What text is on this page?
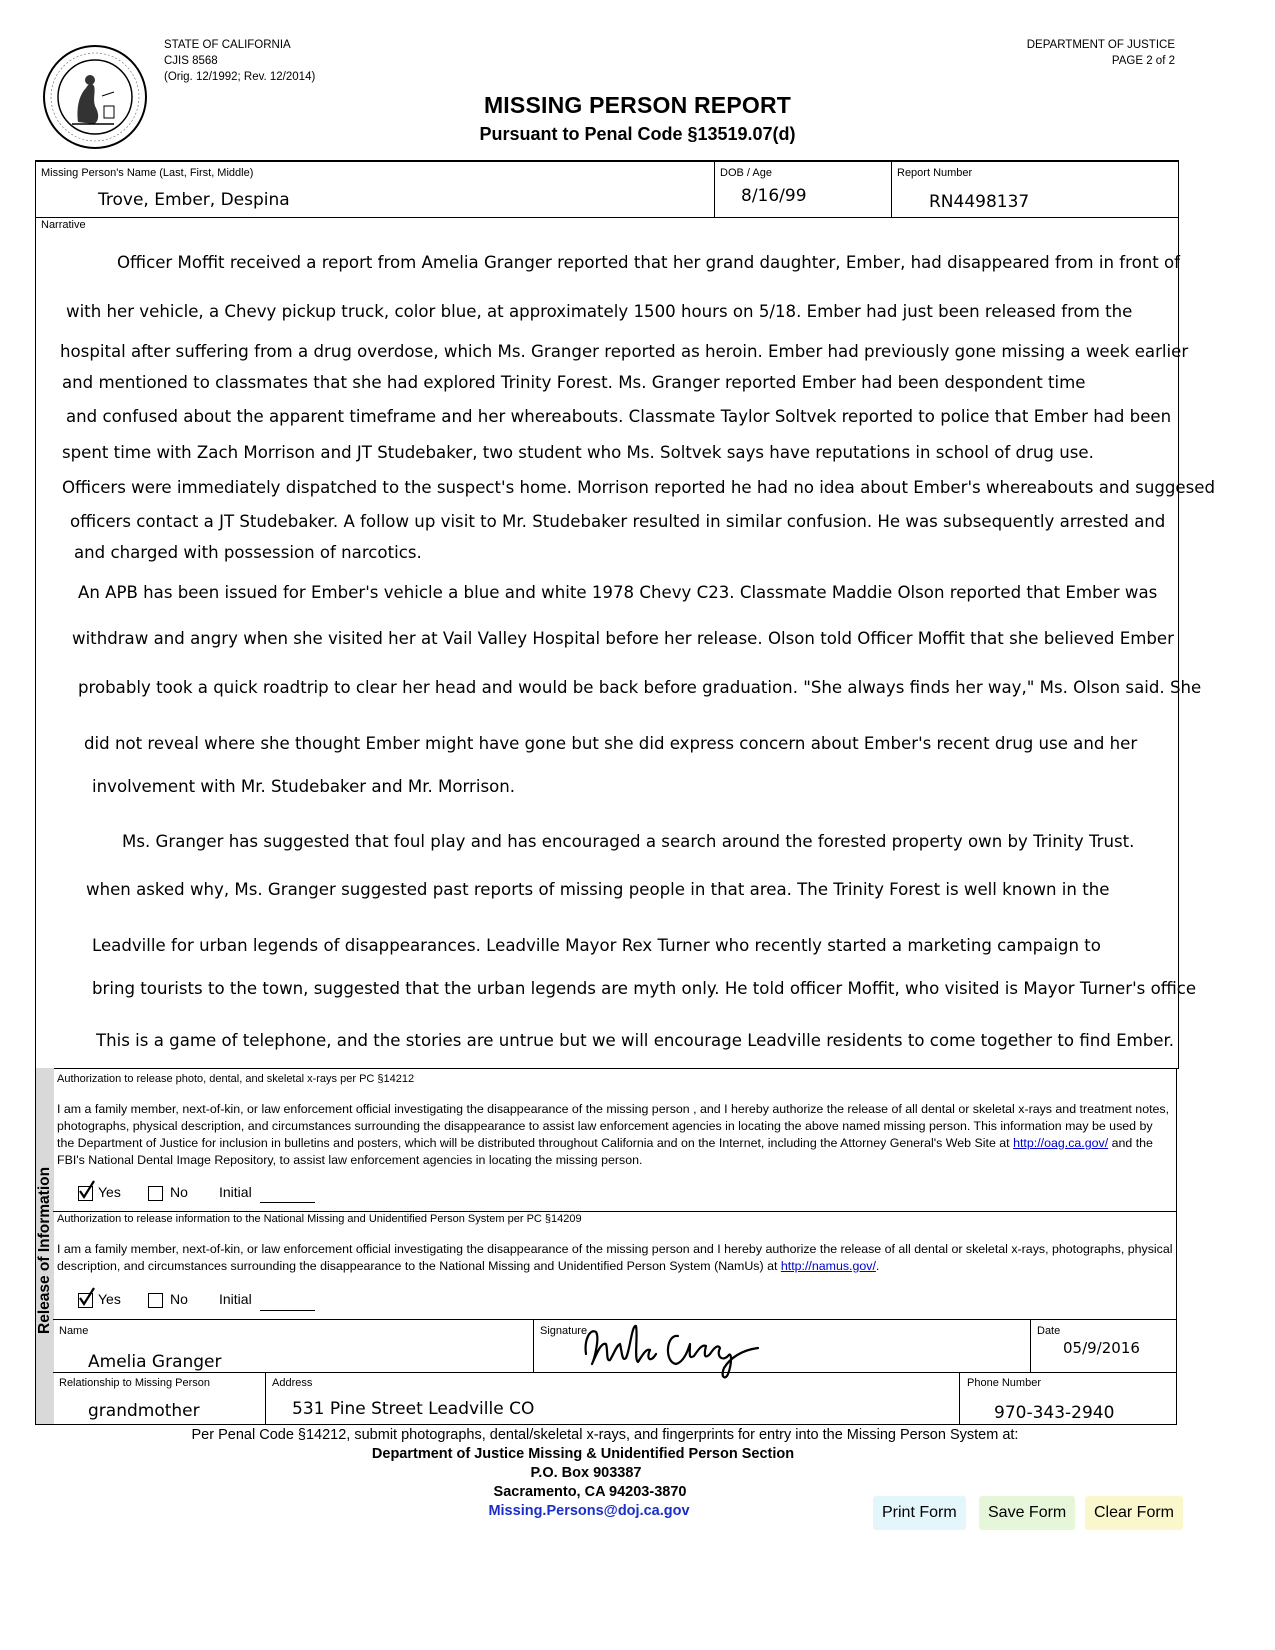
STATE OF CALIFORNIA
CJIS 8568
(Orig. 12/1992; Rev. 12/2014)
DEPARTMENT OF JUSTICE
PAGE 2 of 2
MISSING PERSON REPORT
Pursuant to Penal Code §13519.07(d)
Missing Person's Name (Last, First, Middle)
Trove, Ember, Despina
DOB / Age
8/16/99
Report Number
RN4498137
Narrative
Officer Moffit received a report from Amelia Granger reported that her grand daughter, Ember, had disappeared from in front of
with her vehicle, a Chevy pickup truck, color blue, at approximately 1500 hours on 5/18. Ember had just been released from the
hospital after suffering from a drug overdose, which Ms. Granger reported as heroin. Ember had previously gone missing a week earlier
and mentioned to classmates that she had explored Trinity Forest. Ms. Granger reported Ember had been despondent time
and confused about the apparent timeframe and her whereabouts. Classmate Taylor Soltvek reported to police that Ember had been
spent time with Zach Morrison and JT Studebaker, two student who Ms. Soltvek says have reputations in school of drug use.
Officers were immediately dispatched to the suspect's home. Morrison reported he had no idea about Ember's whereabouts and suggesed
officers contact a JT Studebaker. A follow up visit to Mr. Studebaker resulted in similar confusion. He was subsequently arrested and
and charged with possession of narcotics.
An APB has been issued for Ember's vehicle a blue and white 1978 Chevy C23. Classmate Maddie Olson reported that Ember was
withdraw and angry when she visited her at Vail Valley Hospital before her release. Olson told Officer Moffit that she believed Ember
probably took a quick roadtrip to clear her head and would be back before graduation. "She always finds her way," Ms. Olson said. She
did not reveal where she thought Ember might have gone but she did express concern about Ember's recent drug use and her
involvement with Mr. Studebaker and Mr. Morrison.
Ms. Granger has suggested that foul play and has encouraged a search around the forested property own by Trinity Trust.
when asked why, Ms. Granger suggested past reports of missing people in that area. The Trinity Forest is well known in the
Leadville for urban legends of disappearances. Leadville Mayor Rex Turner who recently started a marketing campaign to
bring tourists to the town, suggested that the urban legends are myth only. He told officer Moffit, who visited is Mayor Turner's office
This is a game of telephone, and the stories are untrue but we will encourage Leadville residents to come together to find Ember.
Release of Information
Authorization to release photo, dental, and skeletal x-rays per PC §14212
I am a family member, next-of-kin, or law enforcement official investigating the disappearance of the missing person , and I hereby authorize the release of all dental or skeletal x-rays and treatment notes, photographs, physical description, and circumstances surrounding the disappearance to assist law enforcement agencies in locating the above named missing person. This information may be used by the Department of Justice for inclusion in bulletins and posters, which will be distributed throughout California and on the Internet, including the Attorney General's Web Site at http://oag.ca.gov/ and the FBI's National Dental Image Repository, to assist law enforcement agencies in locating the missing person.
Yes	No Initial
Authorization to release information to the National Missing and Unidentified Person System per PC §14209
I am a family member, next-of-kin, or law enforcement official investigating the disappearance of the missing person and I hereby authorize the release of all dental or skeletal x-rays, photographs, physical description, and circumstances surrounding the disappearance to the National Missing and Unidentified Person System (NamUs) at http://namus.gov/.
Yes	No Initial
Name
Amelia Granger
Signature	Date
05/9/2016
Relationship to Missing Person
grandmother
Address
531 Pine Street Leadville CO
Phone Number
970-343-2940
Per Penal Code §14212, submit photographs, dental/skeletal x-rays, and fingerprints for entry into the Missing Person System at:
Department of Justice Missing & Unidentified Person Section
P.O. Box 903387
Sacramento, CA 94203-3870
Missing.Persons@doj.ca.gov	Print Form	Save Form	Clear Form
